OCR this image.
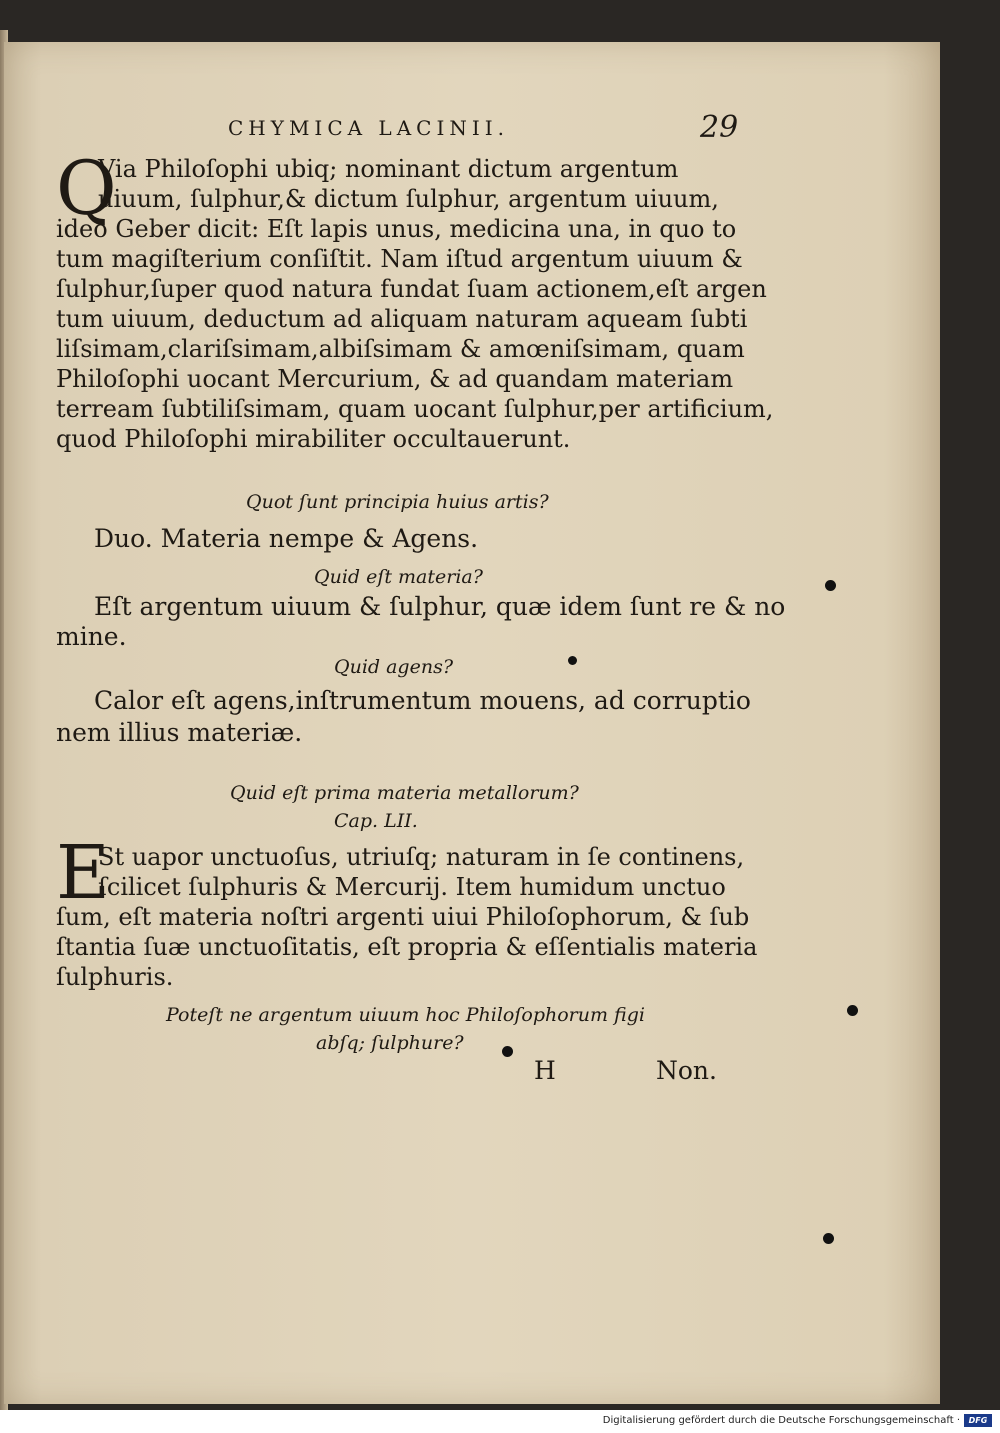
CHYMICA LACINII.	29
Q
Via Philoſophi ubiq; nominant dictum argentum
uiuum, ſulphur,& dictum ſulphur, argentum uiuum,
ideo Geber dicit: Eſt lapis unus, medicina una, in quo to
tum magiſterium conſiſtit. Nam iſtud argentum uiuum &
ſulphur,ſuper quod natura fundat ſuam actionem,eſt argen
tum uiuum, deductum ad aliquam naturam aqueam ſubti
liſsimam,clariſsimam,albiſsimam & amœniſsimam, quam
Philoſophi uocant Mercurium, & ad quandam materiam
terream ſubtiliſsimam, quam uocant ſulphur,per artificium,
quod Philoſophi mirabiliter occultauerunt.
Quot ſunt principia huius artis?
Duo. Materia nempe & Agens.
Quid eſt materia?
Eſt argentum uiuum & ſulphur, quæ idem ſunt re & no
mine.
Quid agens?
Calor eſt agens,inſtrumentum mouens, ad corruptio
nem illius materiæ.
Quid eſt prima materia metallorum?
Cap. LII.
E
St uapor unctuoſus, utriuſq; naturam in ſe continens,
ſcilicet ſulphuris & Mercurij. Item humidum unctuo
ſum, eſt materia noſtri argenti uiui Philoſophorum, & ſub
ſtantia ſuæ unctuoſitatis, eſt propria & eſſentialis materia
ſulphuris.
Poteſt ne argentum uiuum hoc Philoſophorum figi
abſq; ſulphure?
H	Non.
Digitalisierung gefördert durch die Deutsche Forschungsgemeinschaft ·	DFG
